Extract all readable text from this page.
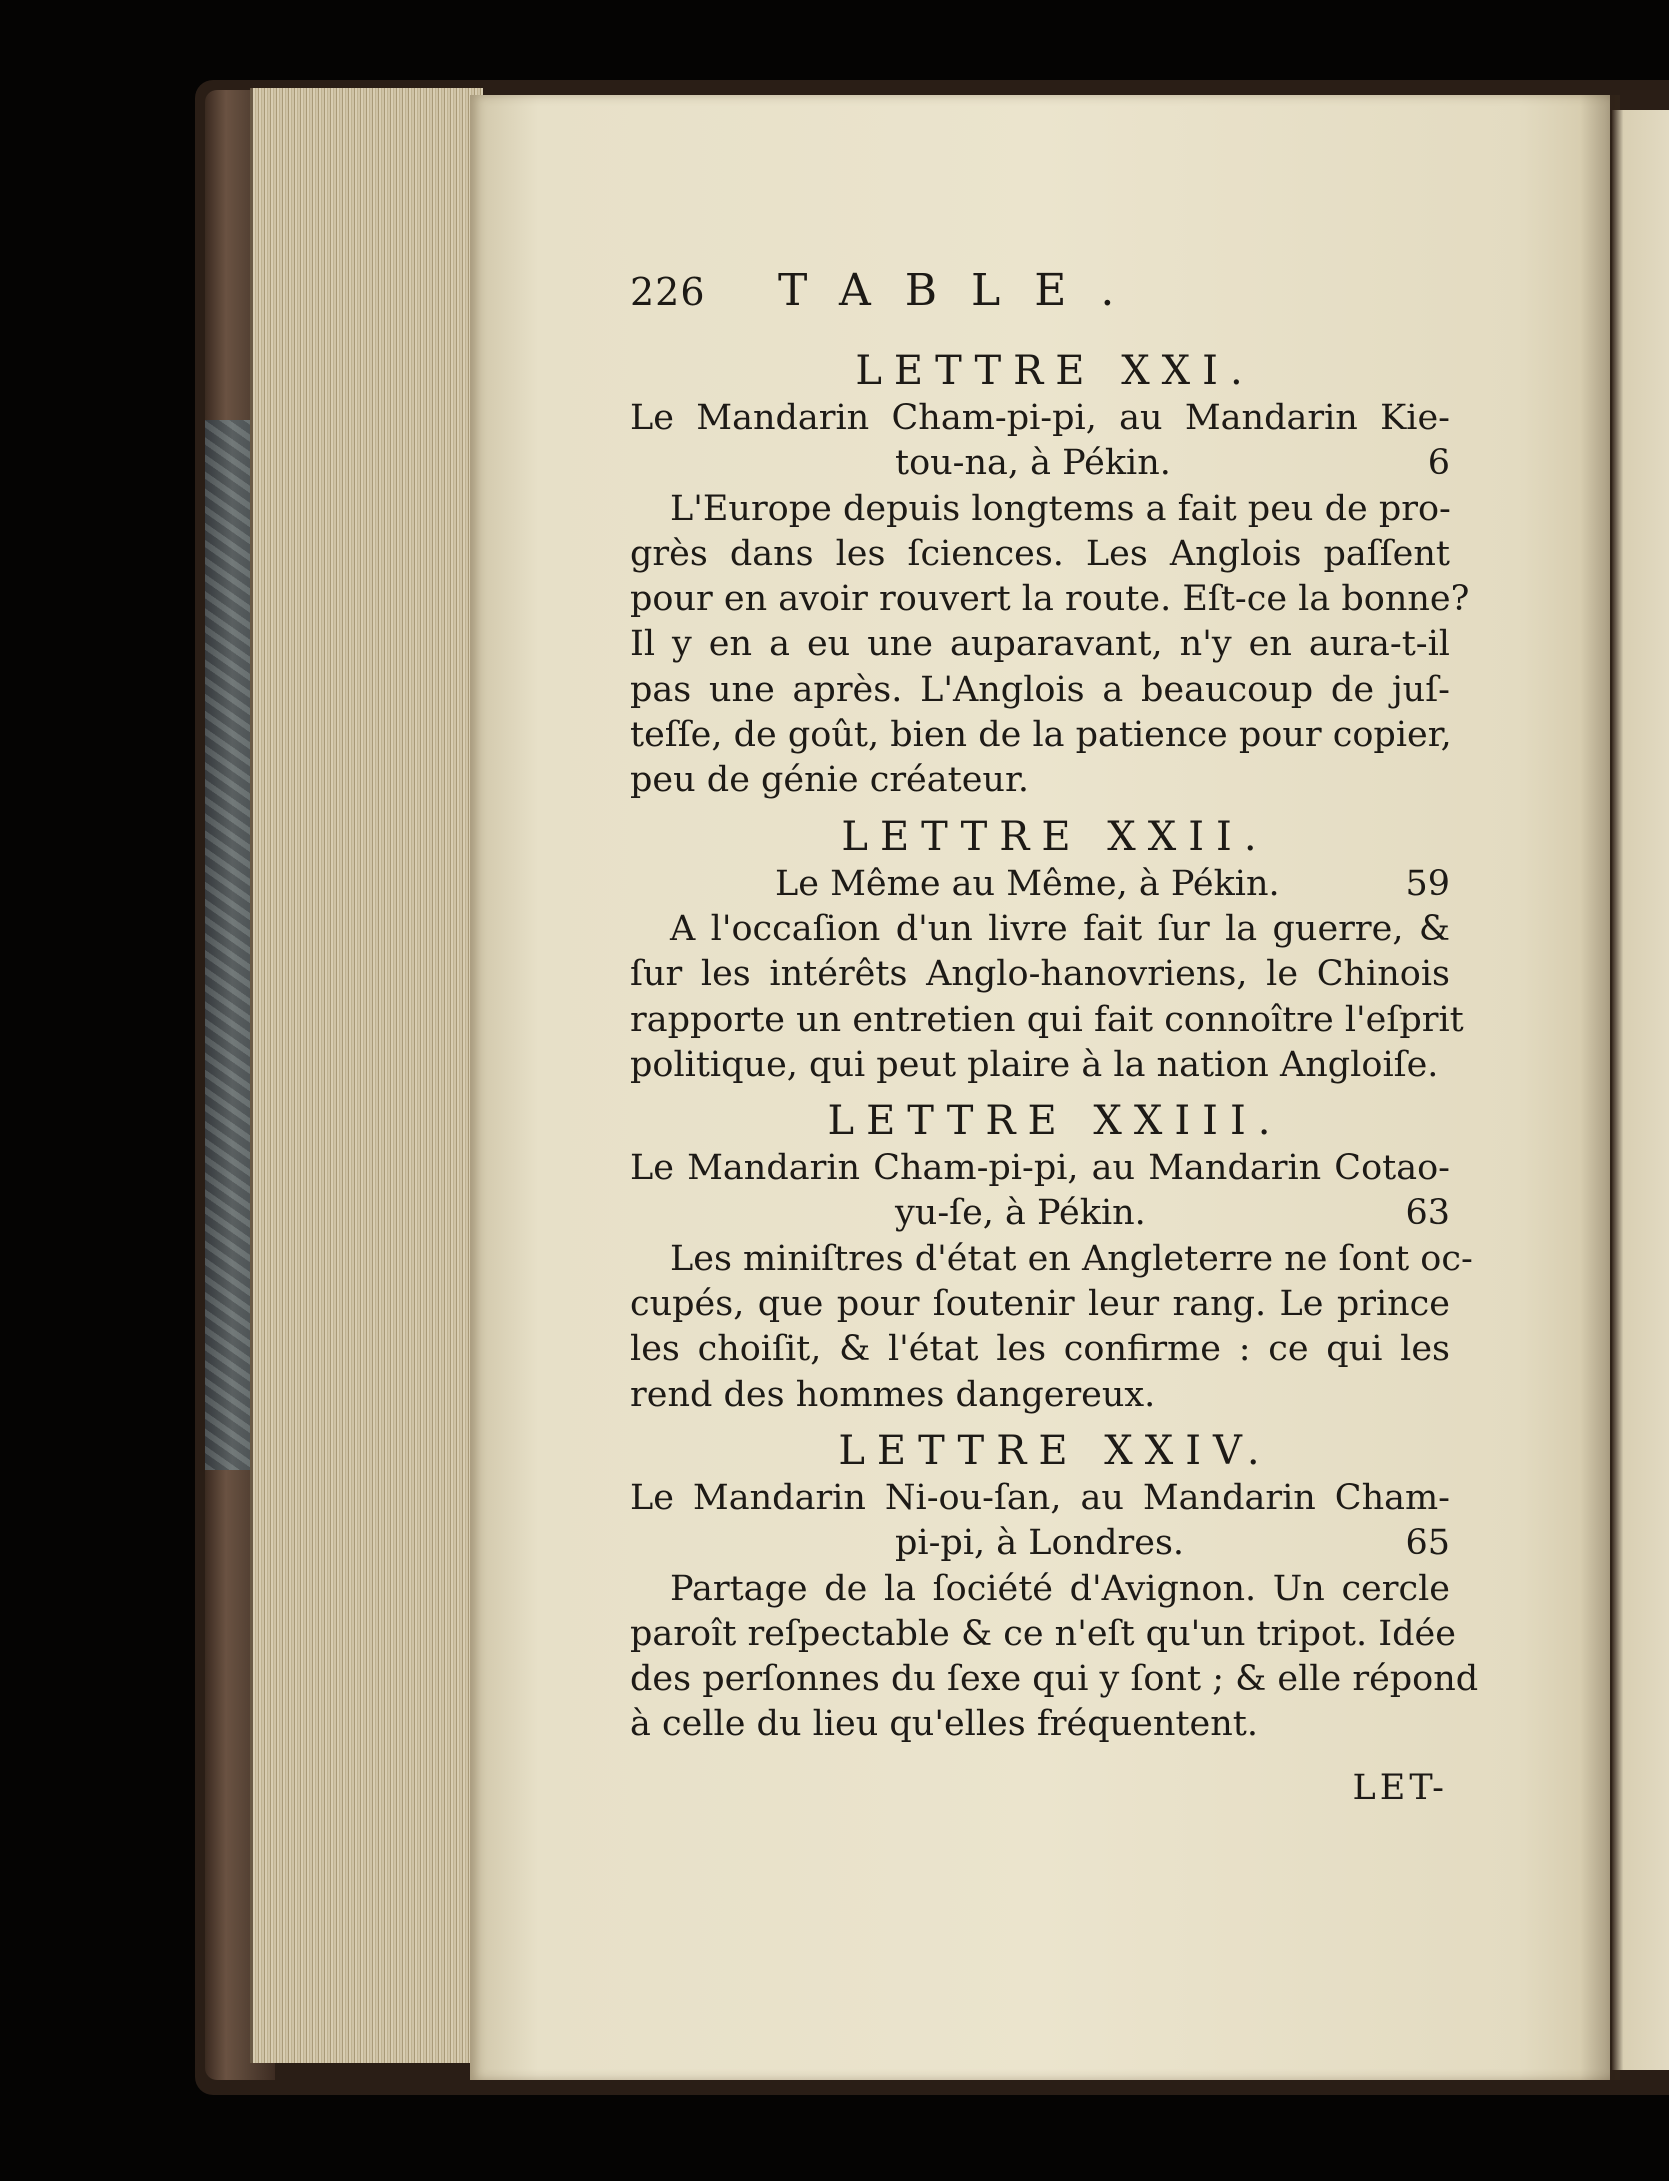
226	TABLE.
LETTRE XXI.
Le Mandarin Cham-pi-pi, au Mandarin Kie-
tou-na, à Pékin.	6
L'Europe depuis longtems a fait peu de pro-
grès dans les ſciences. Les Anglois paſſent
pour en avoir rouvert la route. Eſt-ce la bonne?
Il y en a eu une auparavant, n'y en aura-t-il
pas une après. L'Anglois a beaucoup de juſ-
teſſe, de goût, bien de la patience pour copier,
peu de génie créateur.
LETTRE XXII.
Le Même au Même, à Pékin.	59
A l'occaſion d'un livre fait ſur la guerre, &
ſur les intérêts Anglo-hanovriens, le Chinois
rapporte un entretien qui fait connoître l'eſprit
politique, qui peut plaire à la nation Angloiſe.
LETTRE XXIII.
Le Mandarin Cham-pi-pi, au Mandarin Cotao-
yu-ſe, à Pékin.	63
Les miniſtres d'état en Angleterre ne ſont oc-
cupés, que pour ſoutenir leur rang. Le prince
les choiſit, & l'état les confirme : ce qui les
rend des hommes dangereux.
LETTRE XXIV.
Le Mandarin Ni-ou-ſan, au Mandarin Cham-
pi-pi, à Londres.	65
Partage de la ſociété d'Avignon. Un cercle
paroît reſpectable & ce n'eſt qu'un tripot. Idée
des perſonnes du ſexe qui y ſont ; & elle répond
à celle du lieu qu'elles fréquentent.
LET-
